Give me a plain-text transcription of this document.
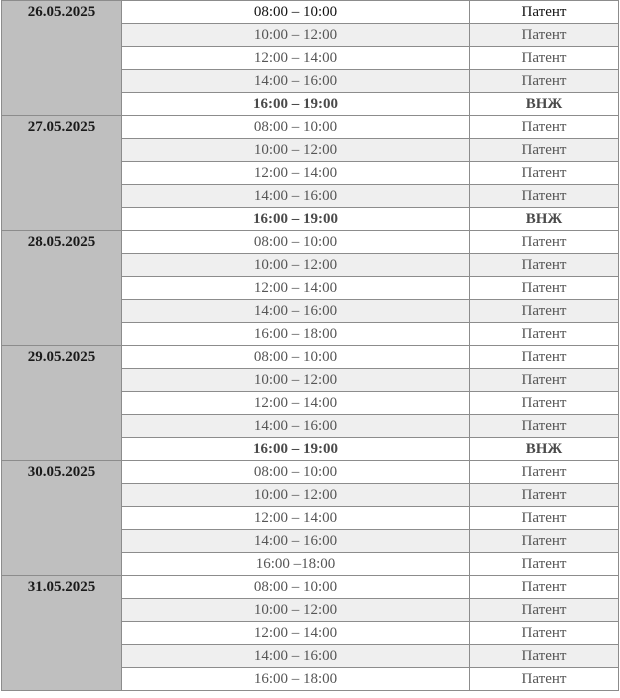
26.05.2025	08:00 – 10:00	Патент
	10:00 – 12:00	Патент
	12:00 – 14:00	Патент
	14:00 – 16:00	Патент
	16:00 – 19:00	ВНЖ
27.05.2025	08:00 – 10:00	Патент
	10:00 – 12:00	Патент
	12:00 – 14:00	Патент
	14:00 – 16:00	Патент
	16:00 – 19:00	ВНЖ
28.05.2025	08:00 – 10:00	Патент
	10:00 – 12:00	Патент
	12:00 – 14:00	Патент
	14:00 – 16:00	Патент
	16:00 – 18:00	Патент
29.05.2025	08:00 – 10:00	Патент
	10:00 – 12:00	Патент
	12:00 – 14:00	Патент
	14:00 – 16:00	Патент
	16:00 – 19:00	ВНЖ
30.05.2025	08:00 – 10:00	Патент
	10:00 – 12:00	Патент
	12:00 – 14:00	Патент
	14:00 – 16:00	Патент
	16:00 –18:00	Патент
31.05.2025	08:00 – 10:00	Патент
	10:00 – 12:00	Патент
	12:00 – 14:00	Патент
	14:00 – 16:00	Патент
	16:00 – 18:00	Патент
